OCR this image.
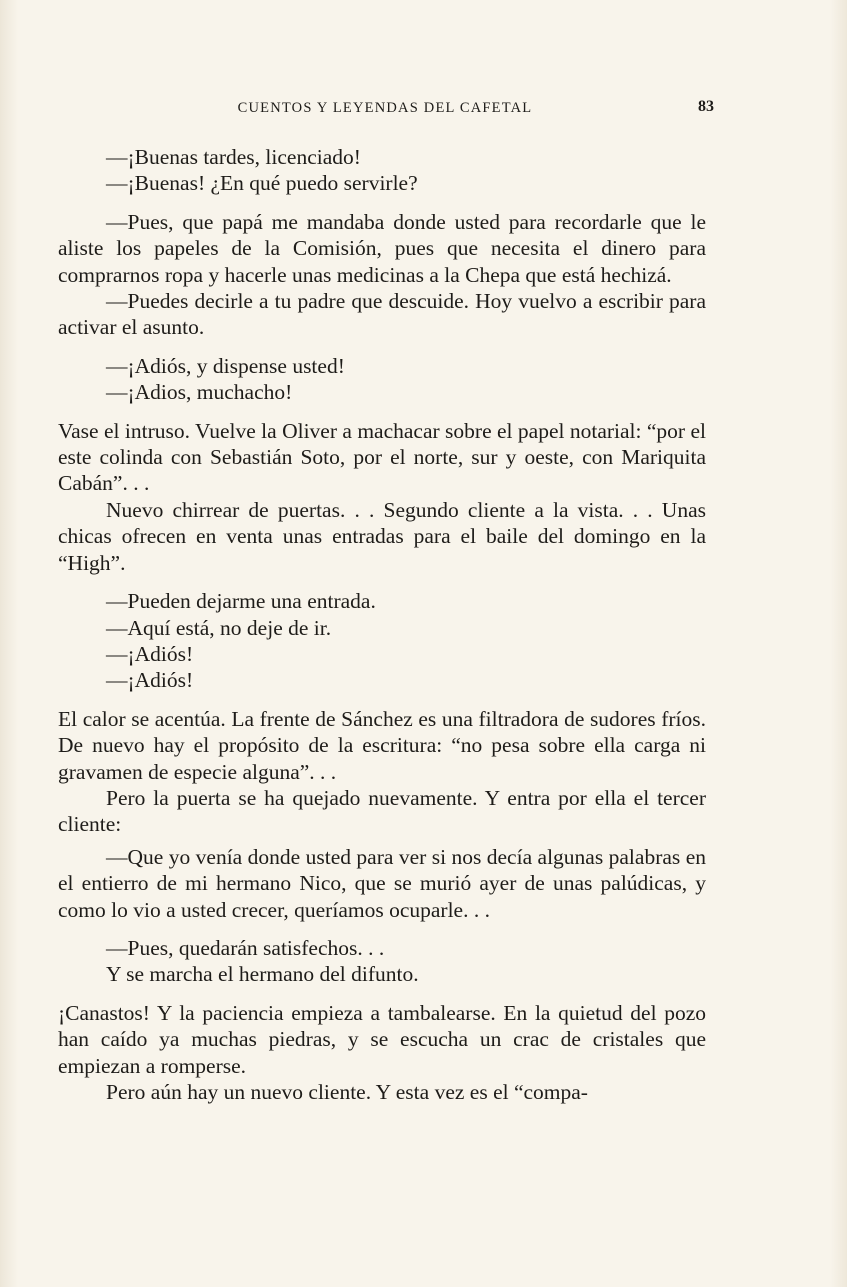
CUENTOS Y LEYENDAS DEL CAFETAL	83

—¡Buenas tardes, licenciado!

—¡Buenas! ¿En qué puedo servirle?

—Pues, que papá me mandaba donde usted para recordarle que le aliste los papeles de la Comisión, pues que necesita el dinero para comprarnos ropa y hacerle unas medicinas a la Chepa que está hechizá.

—Puedes decirle a tu padre que descuide. Hoy vuelvo a escribir para activar el asunto.

—¡Adiós, y dispense usted!

—¡Adios, muchacho!

Vase el intruso. Vuelve la Oliver a machacar sobre el papel notarial: “por el este colinda con Sebastián Soto, por el norte, sur y oeste, con Mariquita Cabán”. . .

Nuevo chirrear de puertas. . . Segundo cliente a la vista. . . Unas chicas ofrecen en venta unas entradas para el baile del domingo en la “High”.

—Pueden dejarme una entrada.

—Aquí está, no deje de ir.

—¡Adiós!

—¡Adiós!

El calor se acentúa. La frente de Sánchez es una filtradora de sudores fríos. De nuevo hay el propósito de la escritura: “no pesa sobre ella carga ni gravamen de especie alguna”. . .

Pero la puerta se ha quejado nuevamente. Y entra por ella el tercer cliente:

—Que yo venía donde usted para ver si nos decía algunas palabras en el entierro de mi hermano Nico, que se murió ayer de unas palúdicas, y como lo vio a usted crecer, queríamos ocuparle. . .

—Pues, quedarán satisfechos. . .

Y se marcha el hermano del difunto.

¡Canastos! Y la paciencia empieza a tambalearse. En la quietud del pozo han caído ya muchas piedras, y se escucha un crac de cristales que empiezan a romperse.

Pero aún hay un nuevo cliente. Y esta vez es el “compa-
